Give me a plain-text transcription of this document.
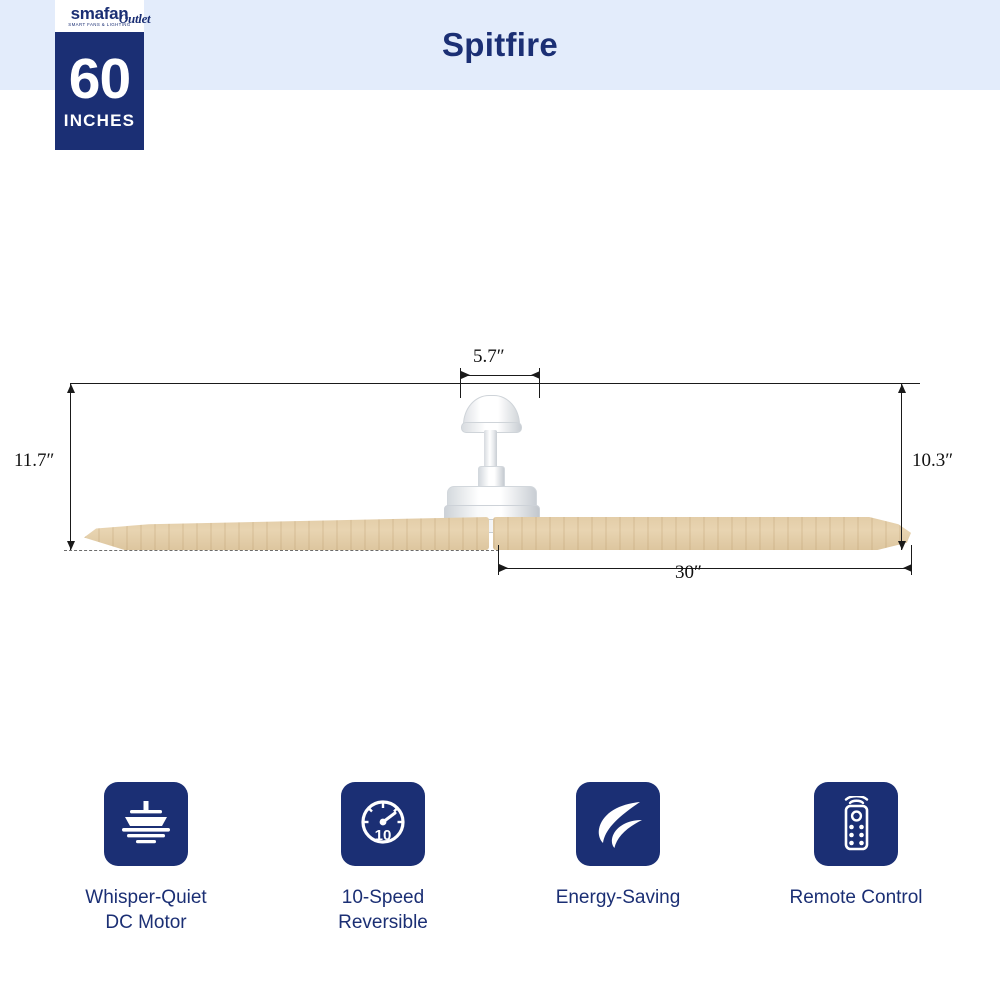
Spitfire
smafan
Outlet
SMART FANS & LIGHTING
60
INCHES
5.7″
11.7″	10.3″
30″
Whisper-Quiet
DC Motor
10
10-Speed
Reversible
Energy-Saving	Remote Control
